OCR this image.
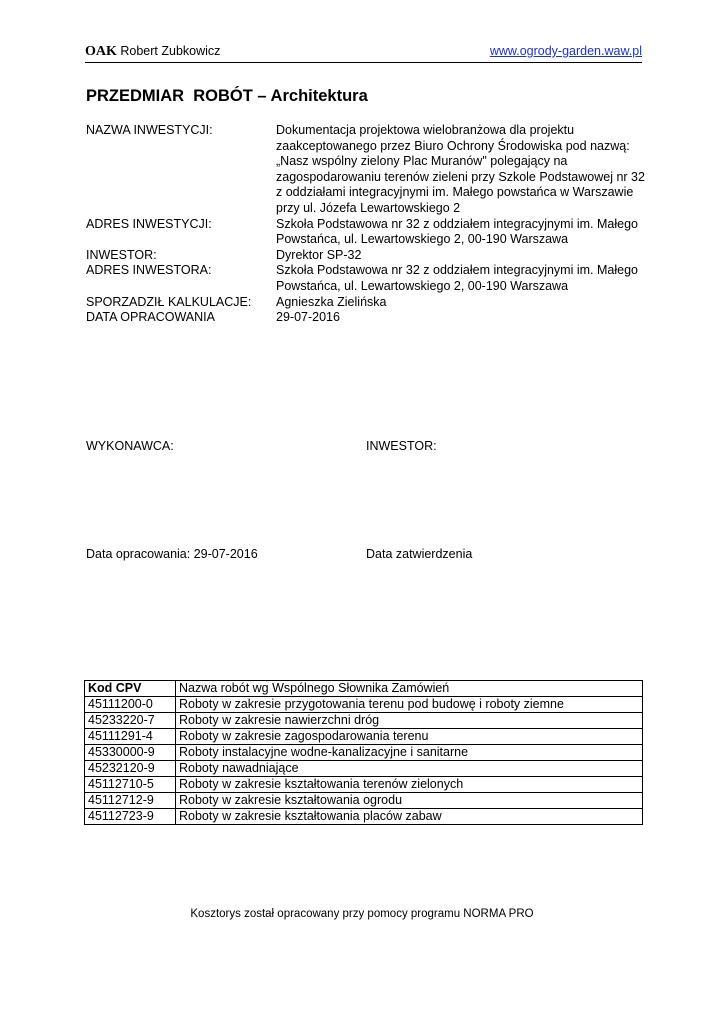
OAK Robert Zubkowicz	www.ogrody-garden.waw.pl
PRZEDMIAR  ROBÓT – Architektura
NAZWA INWESTYCJI:	Dokumentacja projektowa wielobranżowa dla projektu zaakceptowanego przez Biuro Ochrony Środowiska pod nazwą: „Nasz wspólny zielony Plac Muranów" polegający na zagospodarowaniu terenów zieleni przy Szkole Podstawowej nr 32 z oddziałami integracyjnymi im. Małego powstańca w Warszawie przy ul. Józefa Lewartowskiego 2
ADRES INWESTYCJI:	Szkoła Podstawowa nr 32 z oddziałem integracyjnymi im. Małego Powstańca, ul. Lewartowskiego 2, 00-190 Warszawa
INWESTOR:	Dyrektor SP-32
ADRES INWESTORA:	Szkoła Podstawowa nr 32 z oddziałem integracyjnymi im. Małego Powstańca, ul. Lewartowskiego 2, 00-190 Warszawa
SPORZADZIŁ KALKULACJE:	Agnieszka Zielińska
DATA OPRACOWANIA	29-07-2016
WYKONAWCA:	INWESTOR:
Data opracowania: 29-07-2016	Data zatwierdzenia
Kod CPV	Nazwa robót wg Wspólnego Słownika Zamówień
45111200-0	Roboty w zakresie przygotowania terenu pod budowę i roboty ziemne
45233220-7	Roboty w zakresie nawierzchni dróg
45111291-4	Roboty w zakresie zagospodarowania terenu
45330000-9	Roboty instalacyjne wodne-kanalizacyjne i sanitarne
45232120-9	Roboty nawadniające
45112710-5	Roboty w zakresie kształtowania terenów zielonych
45112712-9	Roboty w zakresie kształtowania ogrodu
45112723-9	Roboty w zakresie kształtowania placów zabaw
Kosztorys został opracowany przy pomocy programu NORMA PRO
